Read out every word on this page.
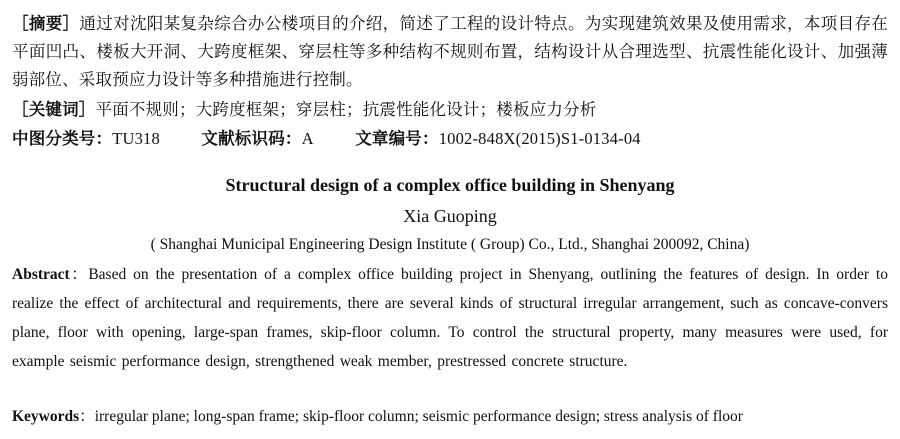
［摘要］通过对沈阳某复杂综合办公楼项目的介绍，简述了工程的设计特点。为实现建筑效果及使用需求，本项目存在平面凹凸、楼板大开洞、大跨度框架、穿层柱等多种结构不规则布置，结构设计从合理选型、抗震性能化设计、加强薄弱部位、采取预应力设计等多种措施进行控制。

［关键词］平面不规则；大跨度框架；穿层柱；抗震性能化设计；楼板应力分析

中图分类号：TU318	文献标识码：A	文章编号：1002-848X(2015)S1-0134-04
Structural design of a complex office building in Shenyang
Xia Guoping
( Shanghai Municipal Engineering Design Institute ( Group) Co., Ltd., Shanghai 200092, China)

Abstract：Based on the presentation of a complex office building project in Shenyang, outlining the features of design. In order to realize the effect of architectural and requirements, there are several kinds of structural irregular arrangement, such as concave-convers plane, floor with opening, large-span frames, skip-floor column. To control the structural property, many measures were used, for example seismic performance design, strengthened weak member, prestressed concrete structure.

Keywords：irregular plane; long-span frame; skip-floor column; seismic performance design; stress analysis of floor
